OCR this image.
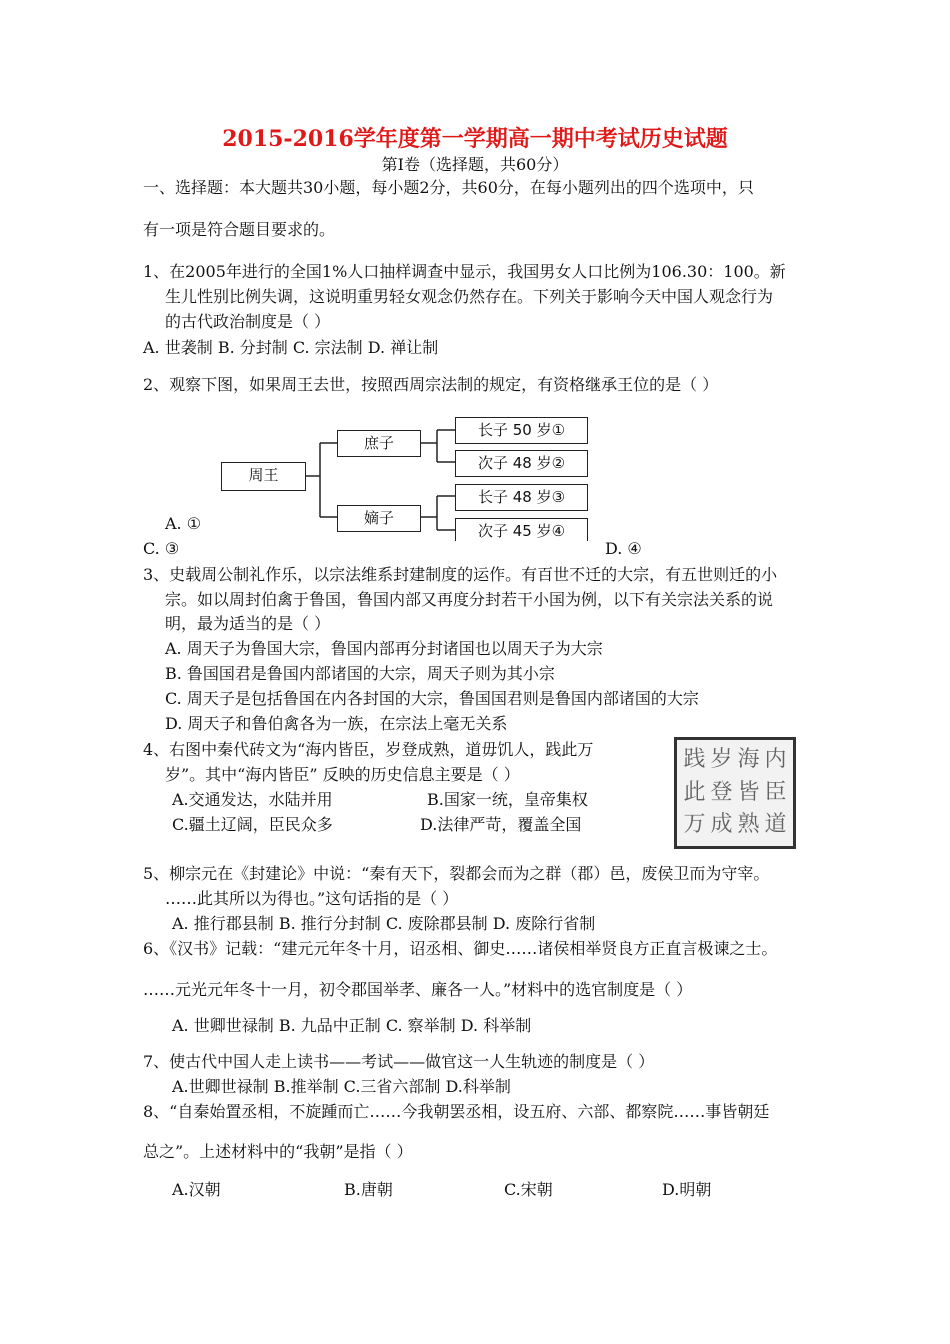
2015-2016学年度第一学期高一期中考试历史试题
第Ⅰ卷（选择题，共60分）
一、选择题：本大题共30小题，每小题2分，共60分，在每小题列出的四个选项中，只
有一项是符合题目要求的。
1、在2005年进行的全国1%人口抽样调查中显示，我国男女人口比例为106.30：100。新
生儿性别比例失调，这说明重男轻女观念仍然存在。下列关于影响今天中国人观念行为
的古代政治制度是（ ）
A. 世袭制 B. 分封制 C. 宗法制 D. 禅让制
2、观察下图，如果周王去世，按照西周宗法制的规定，有资格继承王位的是（ ）
周王
庶子
嫡子
长子 50 岁①
次子 48 岁②
长子 48 岁③
次子 45 岁④
A. ①
C. ③	D. ④
3、史载周公制礼作乐，以宗法维系封建制度的运作。有百世不迁的大宗，有五世则迁的小
宗。如以周封伯禽于鲁国，鲁国内部又再度分封若干小国为例，以下有关宗法关系的说
明，最为适当的是（ ）
A. 周天子为鲁国大宗，鲁国内部再分封诸国也以周天子为大宗
B. 鲁国国君是鲁国内部诸国的大宗，周天子则为其小宗
C. 周天子是包括鲁国在内各封国的大宗，鲁国国君则是鲁国内部诸国的大宗
D. 周天子和鲁伯禽各为一族，在宗法上毫无关系
4、右图中秦代砖文为“海内皆臣，岁登成熟，道毋饥人，践此万
岁”。其中“海内皆臣” 反映的历史信息主要是（ ）
A.交通发达，水陆并用	B.国家一统，皇帝集权
C.疆土辽阔，臣民众多	D.法律严苛，覆盖全国
践 岁 海 内
此 登 皆 臣
万 成 熟 道
5、柳宗元在《封建论》中说：“秦有天下，裂都会而为之群（郡）邑，废侯卫而为守宰。
……此其所以为得也。”这句话指的是（ ）
A. 推行郡县制 B. 推行分封制 C. 废除郡县制 D. 废除行省制
6、《汉书》记载：“建元元年冬十月，诏丞相、御史……诸侯相举贤良方正直言极谏之士。
……元光元年冬十一月，初令郡国举孝、廉各一人。”材料中的选官制度是（ ）
A. 世卿世禄制 B. 九品中正制 C. 察举制 D. 科举制
7、使古代中国人走上读书——考试——做官这一人生轨迹的制度是（ ）
A.世卿世禄制 B.推举制 C.三省六部制 D.科举制
8、“自秦始置丞相，不旋踵而亡……今我朝罢丞相，设五府、六部、都察院……事皆朝廷
总之”。上述材料中的“我朝”是指（ ）
A.汉朝	B.唐朝	C.宋朝	D.明朝
